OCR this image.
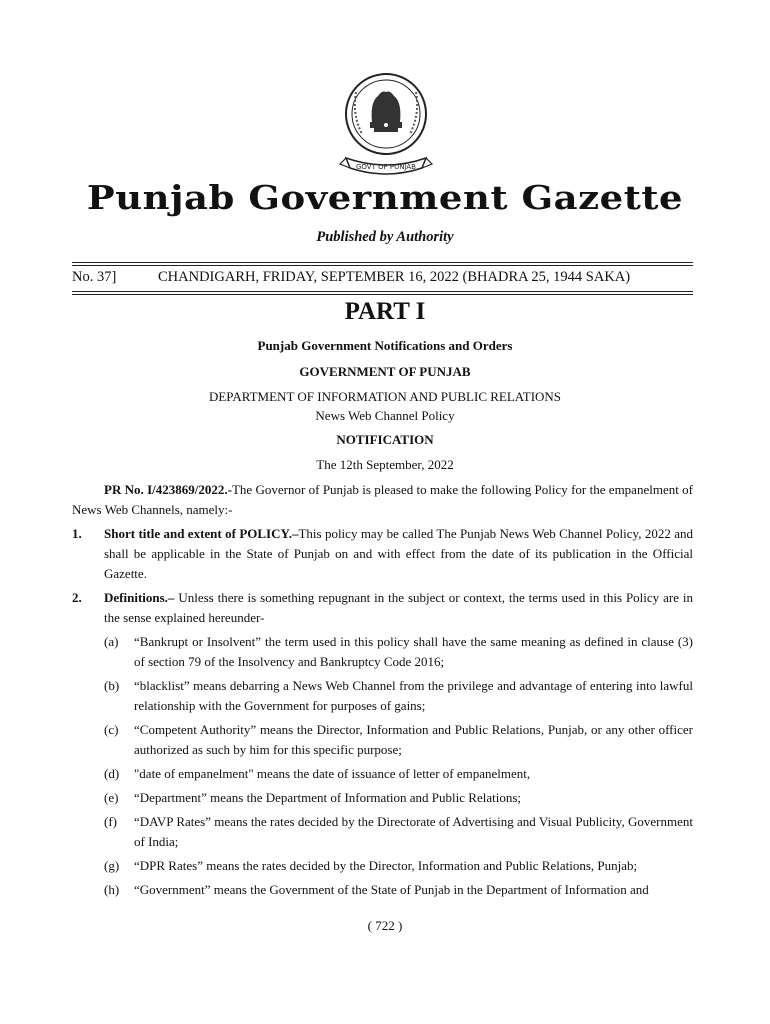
GOVT OF PUNJAB
Punjab Government Gazette
Published by Authority
No. 37]	CHANDIGARH, FRIDAY, SEPTEMBER 16, 2022 (BHADRA 25, 1944 SAKA)
PART I
Punjab Government Notifications and Orders
GOVERNMENT OF PUNJAB
DEPARTMENT OF INFORMATION AND PUBLIC RELATIONS
News Web Channel Policy
NOTIFICATION
The 12th September, 2022
PR No. I/423869/2022.-The Governor of Punjab is pleased to make the following Policy for the empanelment of News Web Channels, namely:-
1. Short title and extent of POLICY.–This policy may be called The Punjab News Web Channel Policy, 2022 and shall be applicable in the State of Punjab on and with effect from the date of its publication in the Official Gazette.
2. Definitions.– Unless there is something repugnant in the subject or context, the terms used in this Policy are in the sense explained hereunder-
(a) “Bankrupt or Insolvent” the term used in this policy shall have the same meaning as defined in clause (3) of section 79 of the Insolvency and Bankruptcy Code 2016;
(b) “blacklist” means debarring a News Web Channel from the privilege and advantage of entering into lawful relationship with the Government for purposes of gains;
(c) “Competent Authority” means the Director, Information and Public Relations, Punjab, or any other officer authorized as such by him for this specific purpose;
(d) "date of empanelment" means the date of issuance of letter of empanelment,
(e) “Department” means the Department of Information and Public Relations;
(f) “DAVP Rates” means the rates decided by the Directorate of Advertising and Visual Publicity, Government of India;
(g) “DPR Rates” means the rates decided by the Director, Information and Public Relations, Punjab;
(h) “Government” means the Government of the State of Punjab in the Department of Information and
( 722 )
